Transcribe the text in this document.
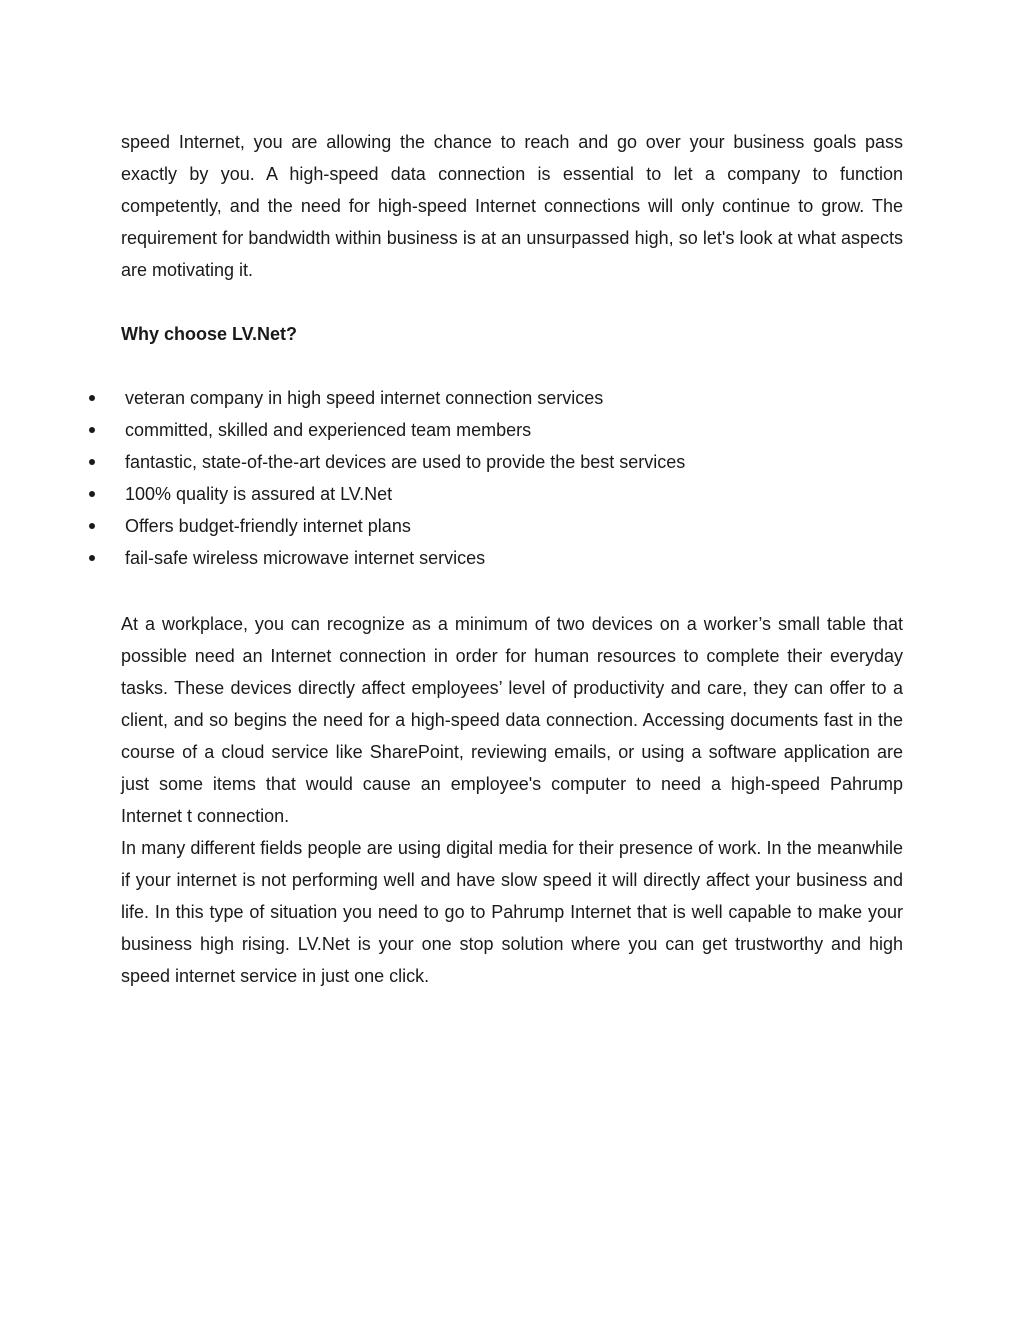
speed Internet, you are allowing the chance to reach and go over your business goals pass exactly by you. A high-speed data connection is essential to let a company to function competently, and the need for high-speed Internet connections will only continue to grow. The requirement for bandwidth within business is at an unsurpassed high, so let's look at what aspects are motivating it.

Why choose LV.Net?

veteran company in high speed internet connection services
committed, skilled and experienced team members
fantastic, state-of-the-art devices are used to provide the best services
100% quality is assured at LV.Net
Offers budget-friendly internet plans
fail-safe wireless microwave internet services

At a workplace, you can recognize as a minimum of two devices on a worker’s small table that possible need an Internet connection in order for human resources to complete their everyday tasks. These devices directly affect employees’ level of productivity and care, they can offer to a client, and so begins the need for a high-speed data connection. Accessing documents fast in the course of a cloud service like SharePoint, reviewing emails, or using a software application are just some items that would cause an employee's computer to need a high-speed Pahrump Internet t connection.

In many different fields people are using digital media for their presence of work. In the meanwhile if your internet is not performing well and have slow speed it will directly affect your business and life. In this type of situation you need to go to Pahrump Internet that is well capable to make your business high rising. LV.Net is your one stop solution where you can get trustworthy and high speed internet service in just one click.
